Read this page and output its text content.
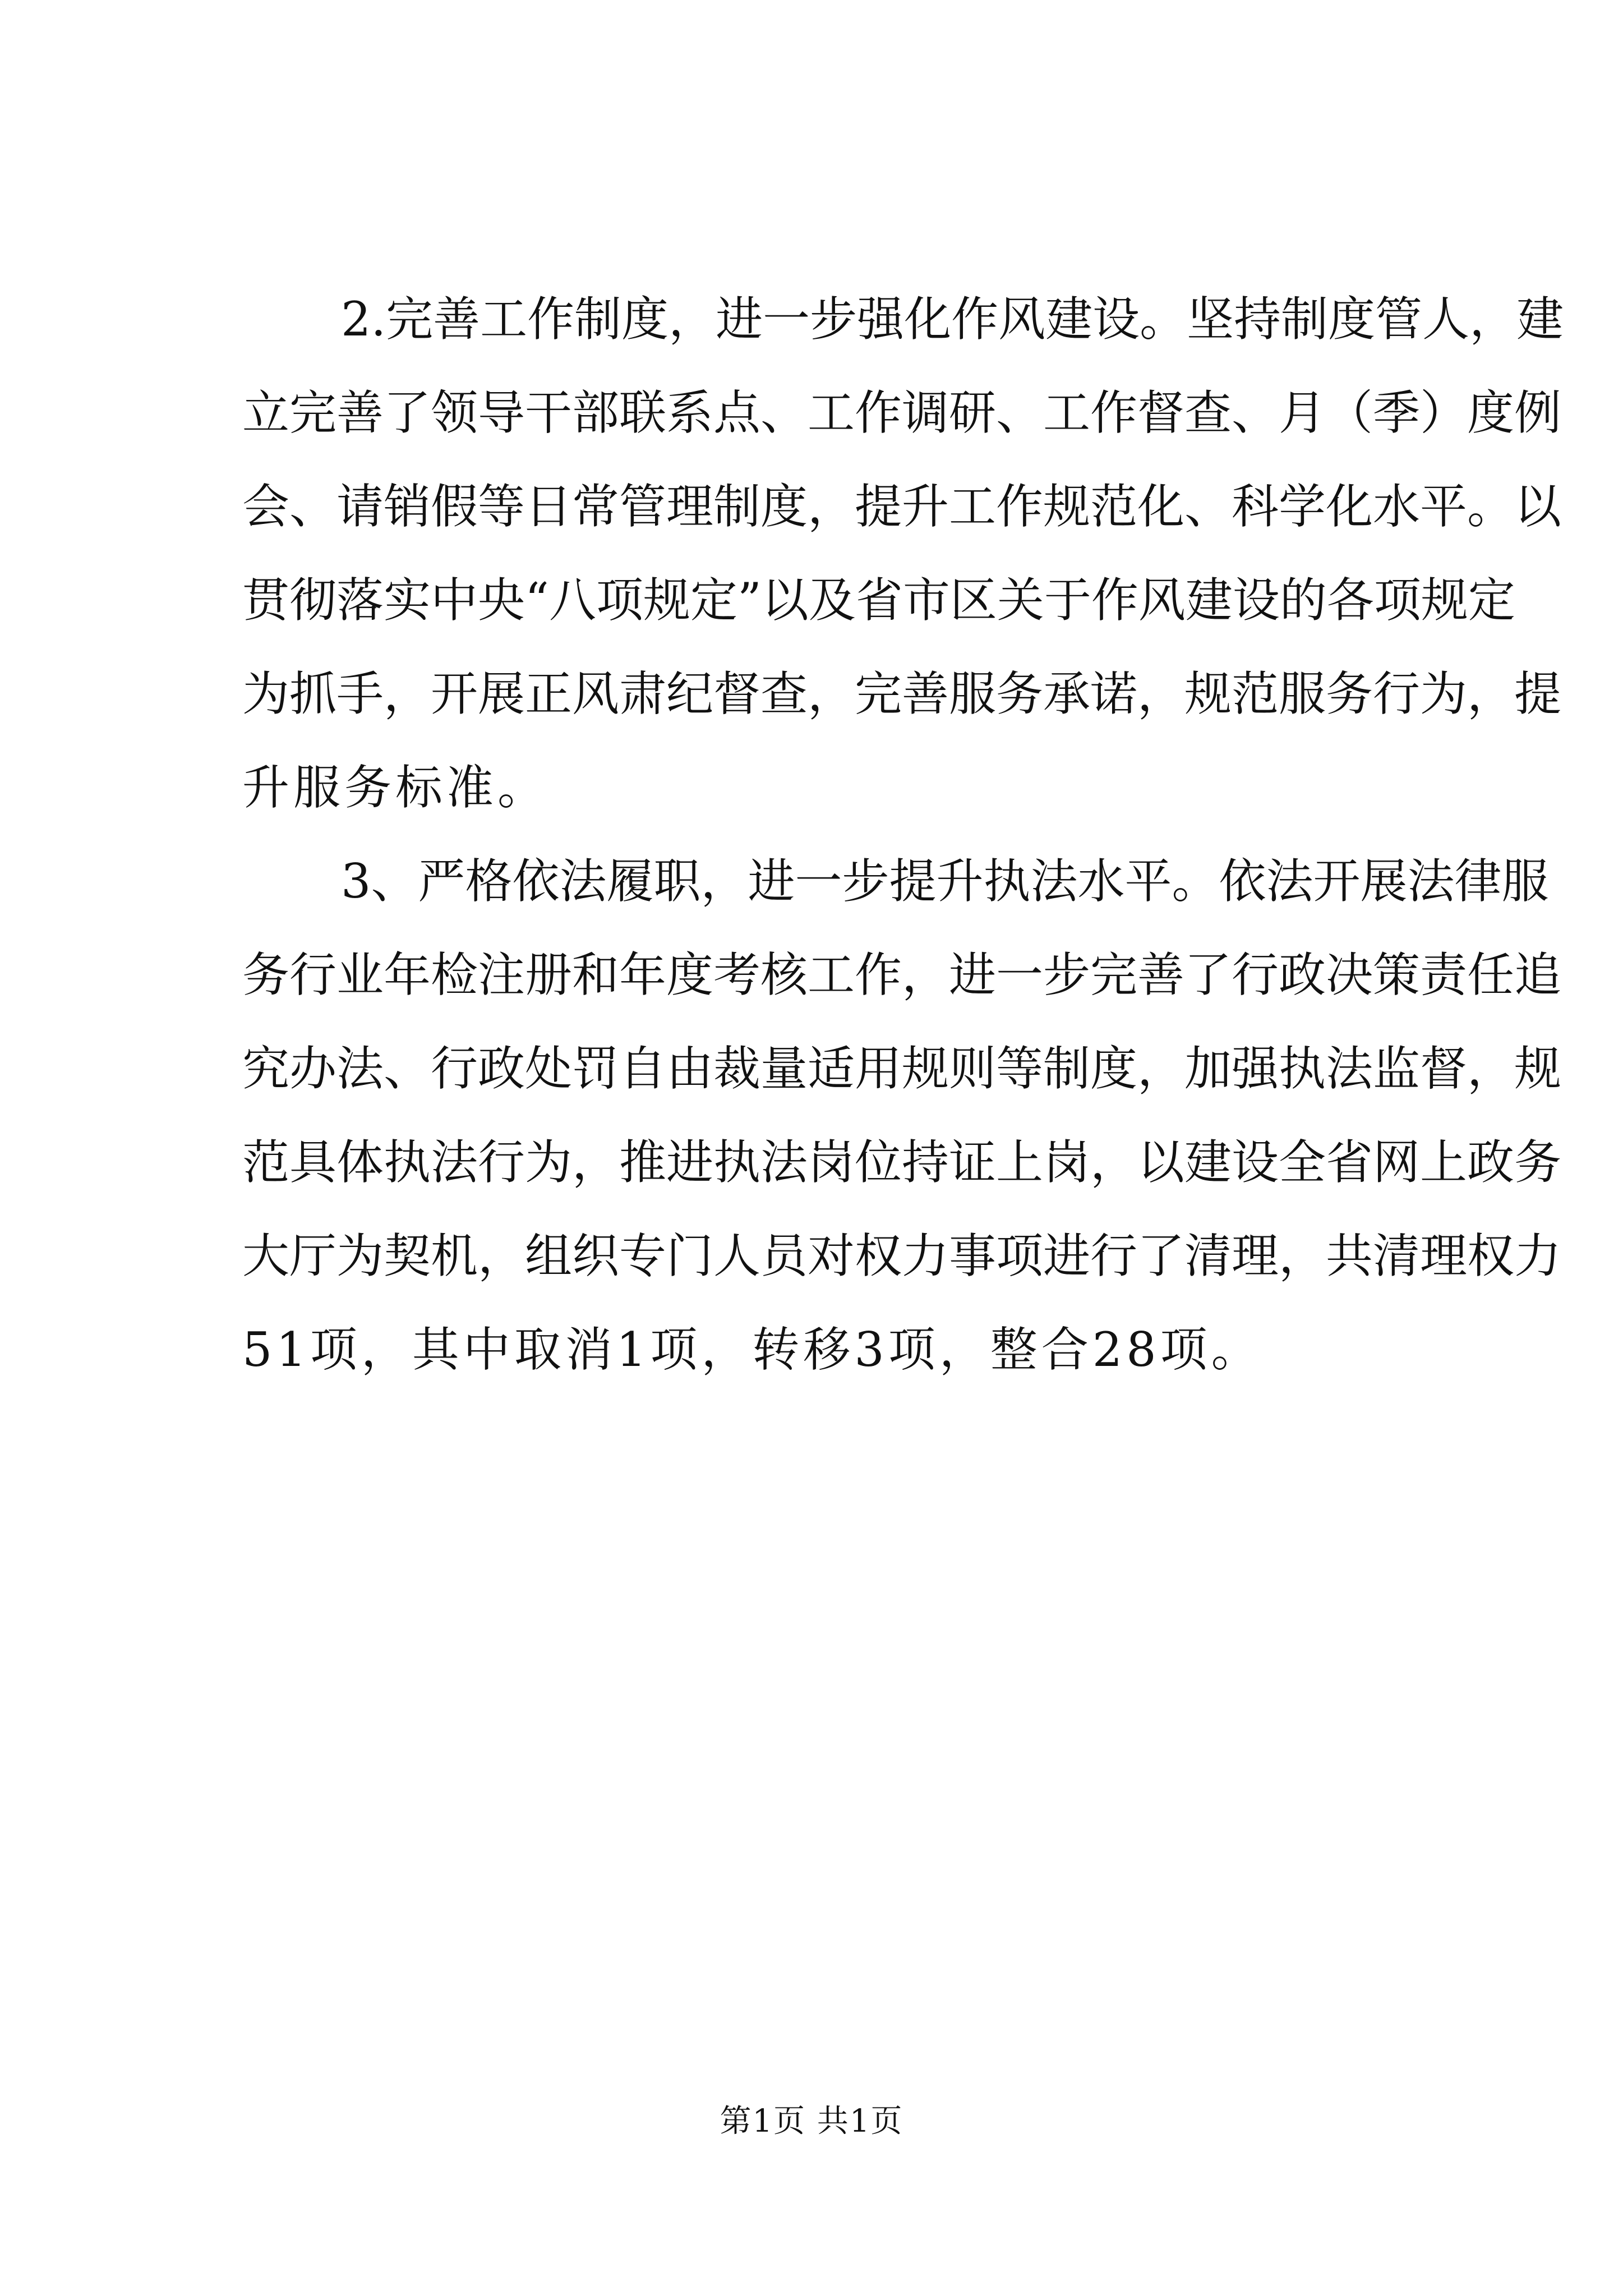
2.完善工作制度，进一步强化作风建设。坚持制度管人，建
立完善了领导干部联系点、工作调研、工作督查、月（季）度例
会、请销假等日常管理制度，提升工作规范化、科学化水平。以
贯彻落实中央“八项规定”以及省市区关于作风建设的各项规定
为抓手，开展正风肃纪督查，完善服务承诺，规范服务行为，提
升服务标准。
3、严格依法履职，进一步提升执法水平。依法开展法律服
务行业年检注册和年度考核工作，进一步完善了行政决策责任追
究办法、行政处罚自由裁量适用规则等制度，加强执法监督，规
范具体执法行为，推进执法岗位持证上岗，以建设全省网上政务
大厅为契机，组织专门人员对权力事项进行了清理，共清理权力
51项，其中取消1项，转移3项，整合28项。
第1页 共1页
